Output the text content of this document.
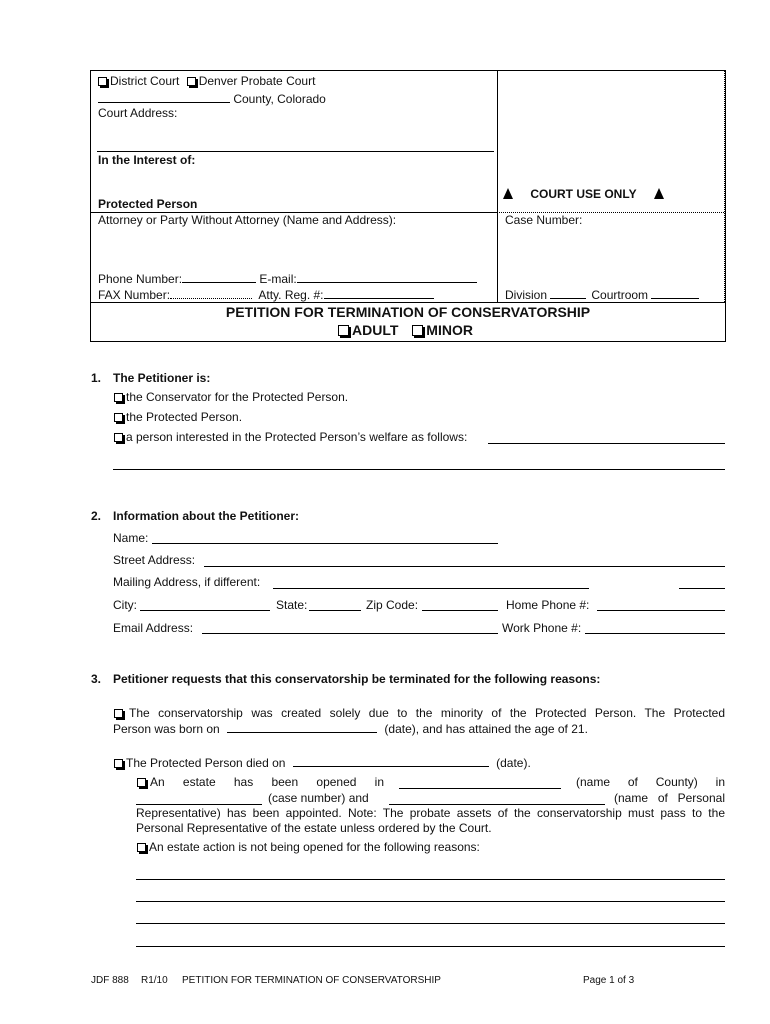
District Court Denver Probate Court
County, Colorado
Court Address:
In the Interest of:
Protected Person
COURT USE ONLY
Attorney or Party Without Attorney (Name and Address):	Case Number:
Phone Number:	E-mail:
FAX Number:	Atty. Reg. #:	Division	Courtroom
PETITION FOR TERMINATION OF CONSERVATORSHIP
ADULT MINOR
1. The Petitioner is:
the Conservator for the Protected Person.
the Protected Person.
a person interested in the Protected Person’s welfare as follows:
2. Information about the Petitioner:
Name:
Street Address:
Mailing Address, if different:
City:	State:	Zip Code:	Home Phone #:
Email Address:	Work Phone #:
3. Petitioner requests that this conservatorship be terminated for the following reasons:
The conservatorship was created solely due to the minority of the Protected Person. The Protected
Person was born on	(date), and has attained the age of 21.
The Protected Person died on	(date).
An estate has been opened in	(name of County) in
(case number) and	(name of Personal
Representative) has been appointed. Note: The probate assets of the conservatorship must pass to the
Personal Representative of the estate unless ordered by the Court.
An estate action is not being opened for the following reasons:
JDF 888 R1/10 PETITION FOR TERMINATION OF CONSERVATORSHIP	Page 1 of 3
